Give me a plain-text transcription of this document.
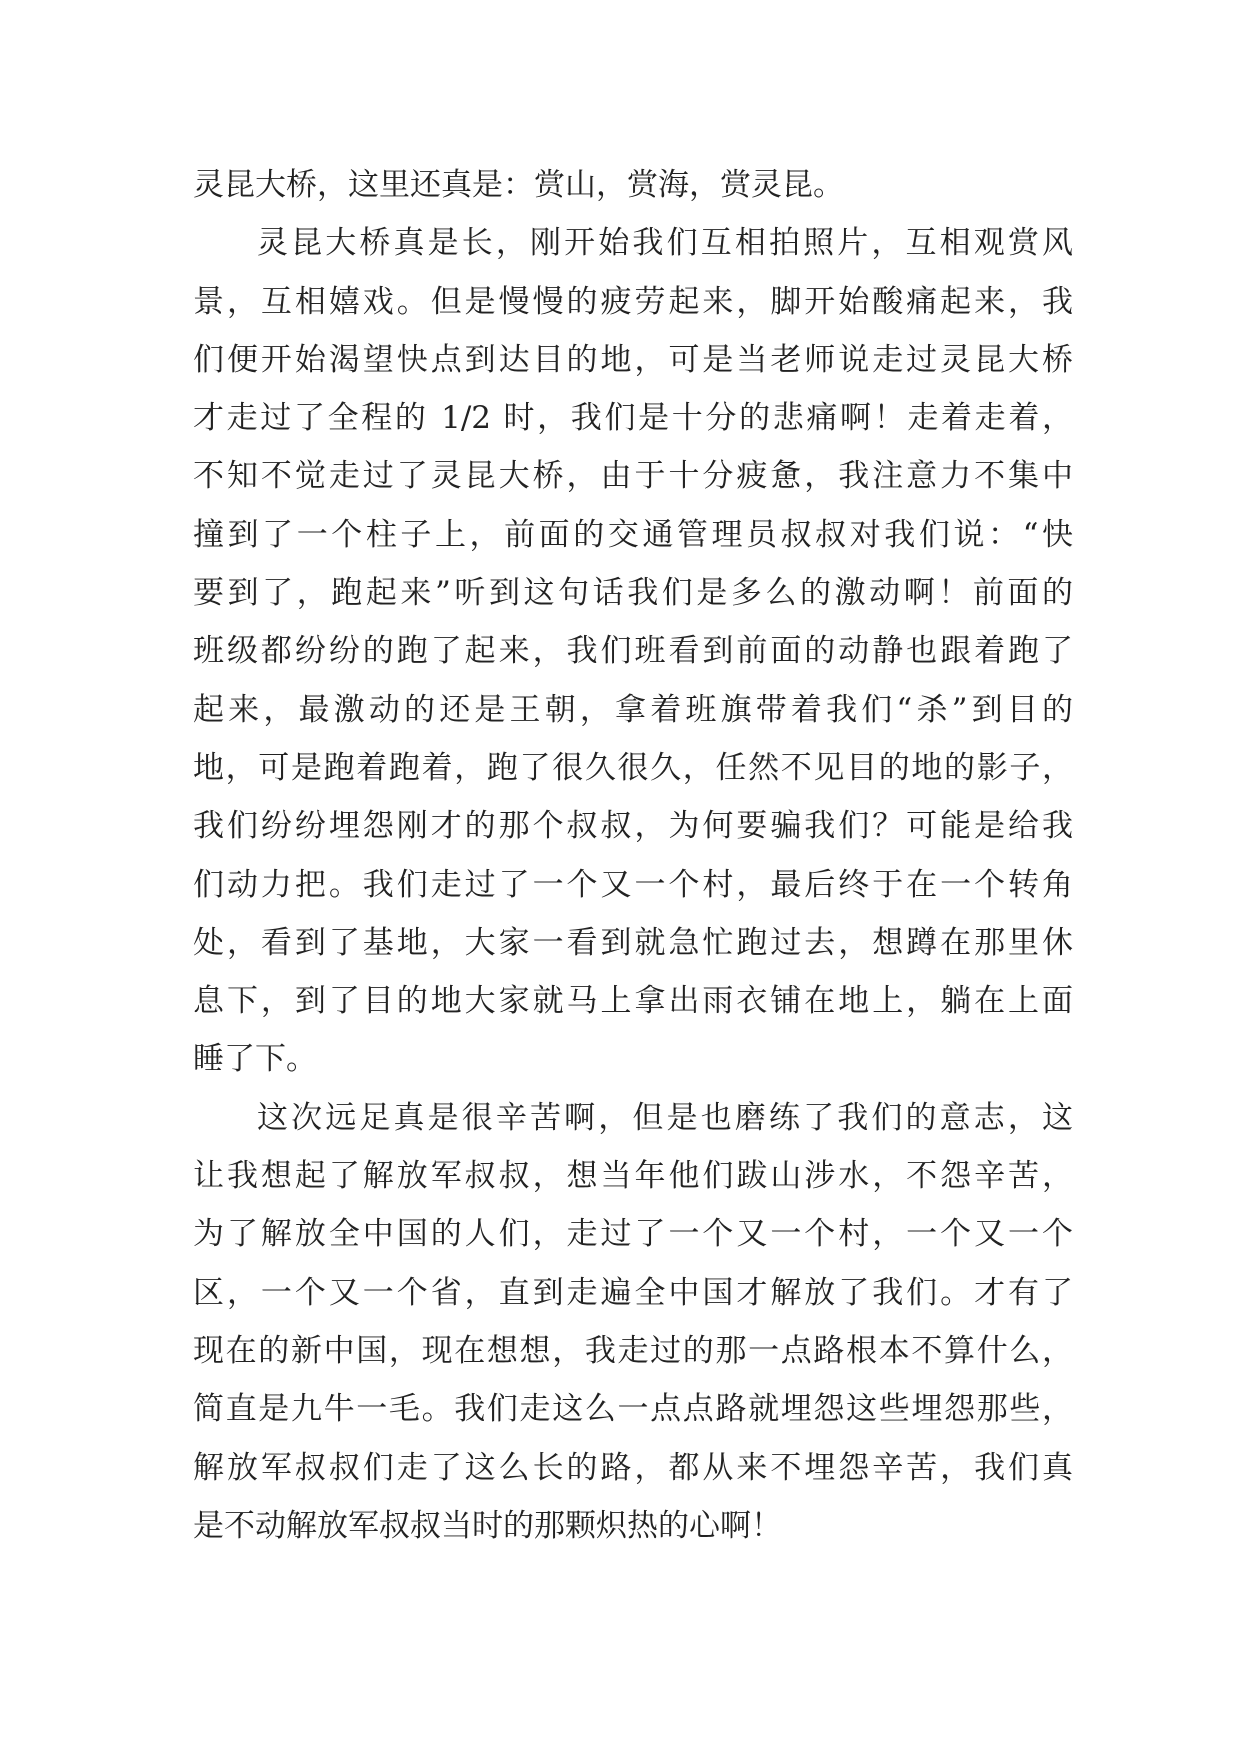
灵昆大桥，这里还真是：赏山，赏海，赏灵昆。
灵昆大桥真是长，刚开始我们互相拍照片，互相观赏风
景，互相嬉戏。但是慢慢的疲劳起来，脚开始酸痛起来，我
们便开始渴望快点到达目的地，可是当老师说走过灵昆大桥
才走过了全程的 1/2 时，我们是十分的悲痛啊！走着走着，
不知不觉走过了灵昆大桥，由于十分疲惫，我注意力不集中
撞到了一个柱子上，前面的交通管理员叔叔对我们说：“快
要到了，跑起来”听到这句话我们是多么的激动啊！前面的
班级都纷纷的跑了起来，我们班看到前面的动静也跟着跑了
起来，最激动的还是王朝，拿着班旗带着我们“杀”到目的
地，可是跑着跑着，跑了很久很久，任然不见目的地的影子，
我们纷纷埋怨刚才的那个叔叔，为何要骗我们？可能是给我
们动力把。我们走过了一个又一个村，最后终于在一个转角
处，看到了基地，大家一看到就急忙跑过去，想蹲在那里休
息下，到了目的地大家就马上拿出雨衣铺在地上，躺在上面
睡了下。
这次远足真是很辛苦啊，但是也磨练了我们的意志，这
让我想起了解放军叔叔，想当年他们跋山涉水，不怨辛苦，
为了解放全中国的人们，走过了一个又一个村，一个又一个
区，一个又一个省，直到走遍全中国才解放了我们。才有了
现在的新中国，现在想想，我走过的那一点路根本不算什么，
简直是九牛一毛。我们走这么一点点路就埋怨这些埋怨那些，
解放军叔叔们走了这么长的路，都从来不埋怨辛苦，我们真
是不动解放军叔叔当时的那颗炽热的心啊！
